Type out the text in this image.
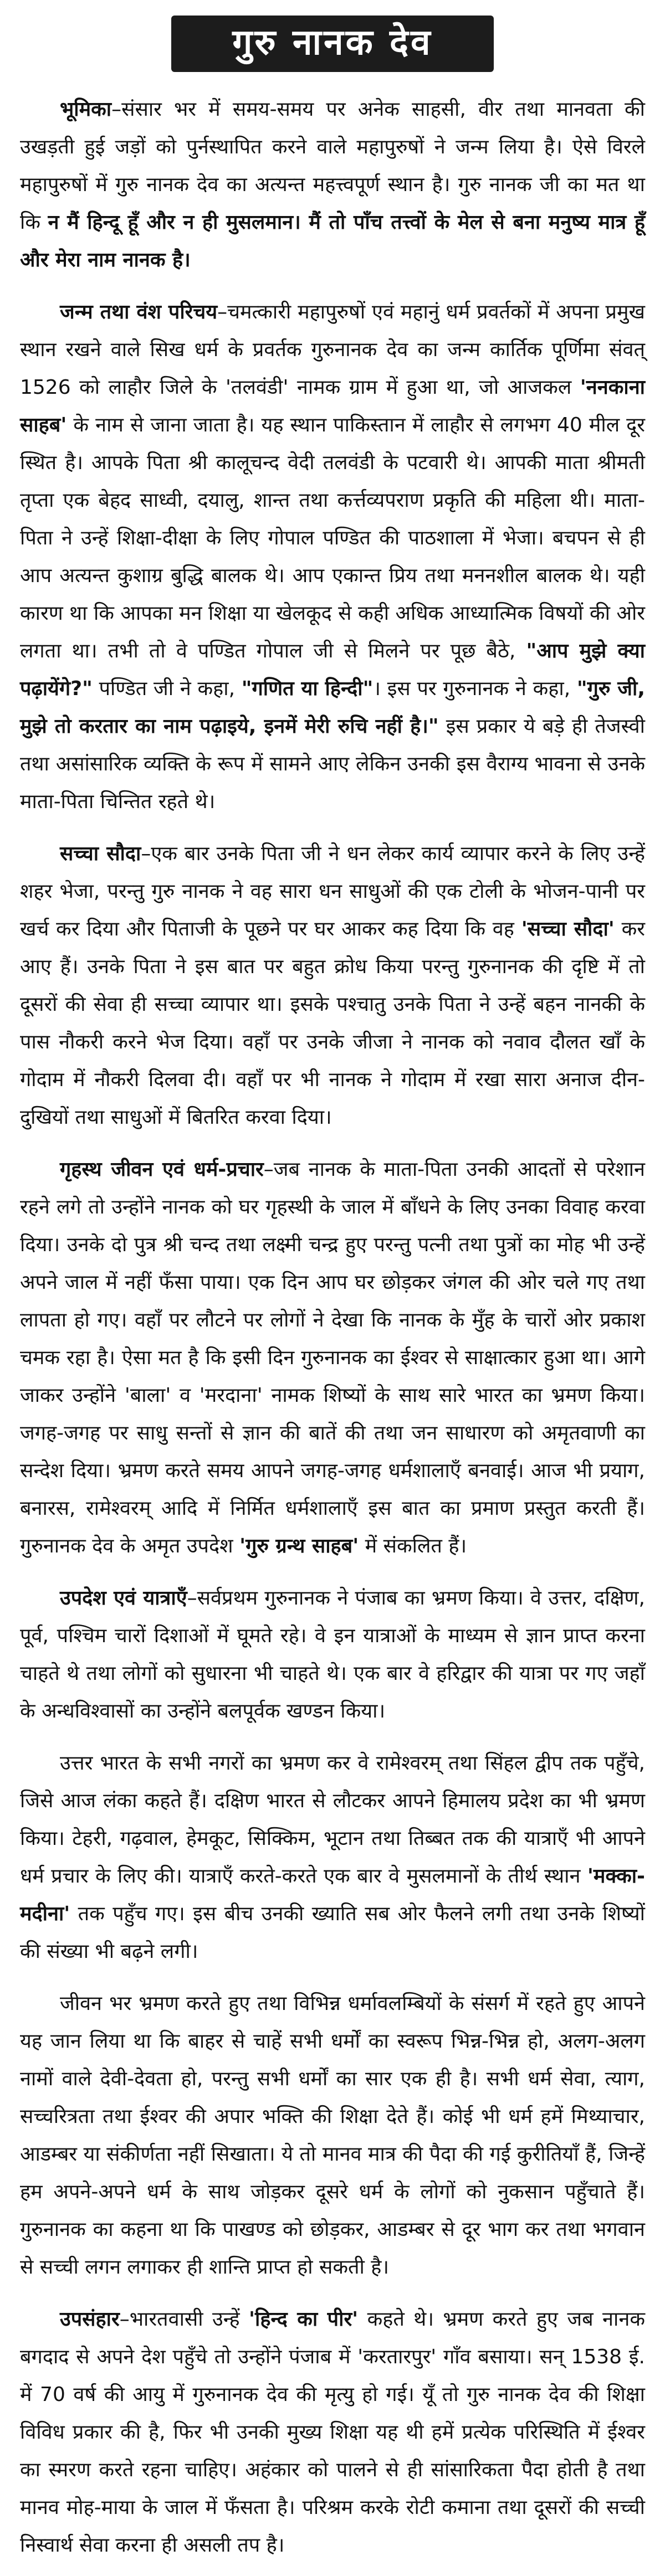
गुरु नानक देव

भूमिका–संसार भर में समय-समय पर अनेक साहसी, वीर तथा मानवता की उखड़ती हुई जड़ों को पुर्नस्थापित करने वाले महापुरुषों ने जन्म लिया है। ऐसे विरले महापुरुषों में गुरु नानक देव का अत्यन्त महत्त्वपूर्ण स्थान है। गुरु नानक जी का मत था कि न मैं हिन्दू हूँ और न ही मुसलमान। मैं तो पाँच तत्त्वों के मेल से बना मनुष्य मात्र हूँ और मेरा नाम नानक है।

जन्म तथा वंश परिचय–चमत्कारी महापुरुषों एवं महानुं धर्म प्रवर्तकों में अपना प्रमुख स्थान रखने वाले सिख धर्म के प्रवर्तक गुरुनानक देव का जन्म कार्तिक पूर्णिमा संवत् 1526 को लाहौर जिले के 'तलवंडी' नामक ग्राम में हुआ था, जो आजकल 'ननकाना साहब' के नाम से जाना जाता है। यह स्थान पाकिस्तान में लाहौर से लगभग 40 मील दूर स्थित है। आपके पिता श्री कालूचन्द वेदी तलवंडी के पटवारी थे। आपकी माता श्रीमती तृप्ता एक बेहद साध्वी, दयालु, शान्त तथा कर्त्तव्यपराण प्रकृति की महिला थी। माता-पिता ने उन्हें शिक्षा-दीक्षा के लिए गोपाल पण्डित की पाठशाला में भेजा। बचपन से ही आप अत्यन्त कुशाग्र बुद्धि बालक थे। आप एकान्त प्रिय तथा मननशील बालक थे। यही कारण था कि आपका मन शिक्षा या खेलकूद से कही अधिक आध्यात्मिक विषयों की ओर लगता था। तभी तो वे पण्डित गोपाल जी से मिलने पर पूछ बैठे, "आप मुझे क्या पढ़ायेंगे?" पण्डित जी ने कहा, "गणित या हिन्दी"। इस पर गुरुनानक ने कहा, "गुरु जी, मुझे तो करतार का नाम पढ़ाइये, इनमें मेरी रुचि नहीं है।" इस प्रकार ये बड़े ही तेजस्वी तथा असांसारिक व्यक्ति के रूप में सामने आए लेकिन उनकी इस वैराग्य भावना से उनके माता-पिता चिन्तित रहते थे।

सच्चा सौदा–एक बार उनके पिता जी ने धन लेकर कार्य व्यापार करने के लिए उन्हें शहर भेजा, परन्तु गुरु नानक ने वह सारा धन साधुओं की एक टोली के भोजन-पानी पर खर्च कर दिया और पिताजी के पूछने पर घर आकर कह दिया कि वह 'सच्चा सौदा' कर आए हैं। उनके पिता ने इस बात पर बहुत क्रोध किया परन्तु गुरुनानक की दृष्टि में तो दूसरों की सेवा ही सच्चा व्यापार था। इसके पश्चातु उनके पिता ने उन्हें बहन नानकी के पास नौकरी करने भेज दिया। वहाँ पर उनके जीजा ने नानक को नवाव दौलत खाँ के गोदाम में नौकरी दिलवा दी। वहाँ पर भी नानक ने गोदाम में रखा सारा अनाज दीन-दुखियों तथा साधुओं में बितरित करवा दिया।

गृहस्थ जीवन एवं धर्म-प्रचार–जब नानक के माता-पिता उनकी आदतों से परेशान रहने लगे तो उन्होंने नानक को घर गृहस्थी के जाल में बाँधने के लिए उनका विवाह करवा दिया। उनके दो पुत्र श्री चन्द तथा लक्ष्मी चन्द्र हुए परन्तु पत्नी तथा पुत्रों का मोह भी उन्हें अपने जाल में नहीं फँसा पाया। एक दिन आप घर छोड़कर जंगल की ओर चले गए तथा लापता हो गए। वहाँ पर लौटने पर लोगों ने देखा कि नानक के मुँह के चारों ओर प्रकाश चमक रहा है। ऐसा मत है कि इसी दिन गुरुनानक का ईश्वर से साक्षात्कार हुआ था। आगे जाकर उन्होंने 'बाला' व 'मरदाना' नामक शिष्यों के साथ सारे भारत का भ्रमण किया। जगह-जगह पर साधु सन्तों से ज्ञान की बातें की तथा जन साधारण को अमृतवाणी का सन्देश दिया। भ्रमण करते समय आपने जगह-जगह धर्मशालाएँ बनवाई। आज भी प्रयाग, बनारस, रामेश्वरम् आदि में निर्मित धर्मशालाएँ इस बात का प्रमाण प्रस्तुत करती हैं। गुरुनानक देव के अमृत उपदेश 'गुरु ग्रन्थ साहब' में संकलित हैं।

उपदेश एवं यात्राएँ–सर्वप्रथम गुरुनानक ने पंजाब का भ्रमण किया। वे उत्तर, दक्षिण, पूर्व, पश्चिम चारों दिशाओं में घूमते रहे। वे इन यात्राओं के माध्यम से ज्ञान प्राप्त करना चाहते थे तथा लोगों को सुधारना भी चाहते थे। एक बार वे हरिद्वार की यात्रा पर गए जहाँ के अन्धविश्वासों का उन्होंने बलपूर्वक खण्डन किया।

उत्तर भारत के सभी नगरों का भ्रमण कर वे रामेश्वरम् तथा सिंहल द्वीप तक पहुँचे, जिसे आज लंका कहते हैं। दक्षिण भारत से लौटकर आपने हिमालय प्रदेश का भी भ्रमण किया। टेहरी, गढ़वाल, हेमकूट, सिक्किम, भूटान तथा तिब्बत तक की यात्राएँ भी आपने धर्म प्रचार के लिए की। यात्राएँ करते-करते एक बार वे मुसलमानों के तीर्थ स्थान 'मक्का-मदीना' तक पहुँच गए। इस बीच उनकी ख्याति सब ओर फैलने लगी तथा उनके शिष्यों की संख्या भी बढ़ने लगी।

जीवन भर भ्रमण करते हुए तथा विभिन्न धर्मावलम्बियों के संसर्ग में रहते हुए आपने यह जान लिया था कि बाहर से चाहें सभी धर्मों का स्वरूप भिन्न-भिन्न हो, अलग-अलग नामों वाले देवी-देवता हो, परन्तु सभी धर्मों का सार एक ही है। सभी धर्म सेवा, त्याग, सच्चरित्रता तथा ईश्वर की अपार भक्ति की शिक्षा देते हैं। कोई भी धर्म हमें मिथ्याचार, आडम्बर या संकीर्णता नहीं सिखाता। ये तो मानव मात्र की पैदा की गई कुरीतियाँ हैं, जिन्हें हम अपने-अपने धर्म के साथ जोड़कर दूसरे धर्म के लोगों को नुकसान पहुँचाते हैं। गुरुनानक का कहना था कि पाखण्ड को छोड़कर, आडम्बर से दूर भाग कर तथा भगवान से सच्ची लगन लगाकर ही शान्ति प्राप्त हो सकती है।

उपसंहार–भारतवासी उन्हें 'हिन्द का पीर' कहते थे। भ्रमण करते हुए जब नानक बगदाद से अपने देश पहुँचे तो उन्होंने पंजाब में 'करतारपुर' गाँव बसाया। सन् 1538 ई. में 70 वर्ष की आयु में गुरुनानक देव की मृत्यु हो गई। यूँ तो गुरु नानक देव की शिक्षा विविध प्रकार की है, फिर भी उनकी मुख्य शिक्षा यह थी हमें प्रत्येक परिस्थिति में ईश्वर का स्मरण करते रहना चाहिए। अहंकार को पालने से ही सांसारिकता पैदा होती है तथा मानव मोह-माया के जाल में फँसता है। परिश्रम करके रोटी कमाना तथा दूसरों की सच्ची निस्वार्थ सेवा करना ही असली तप है।
